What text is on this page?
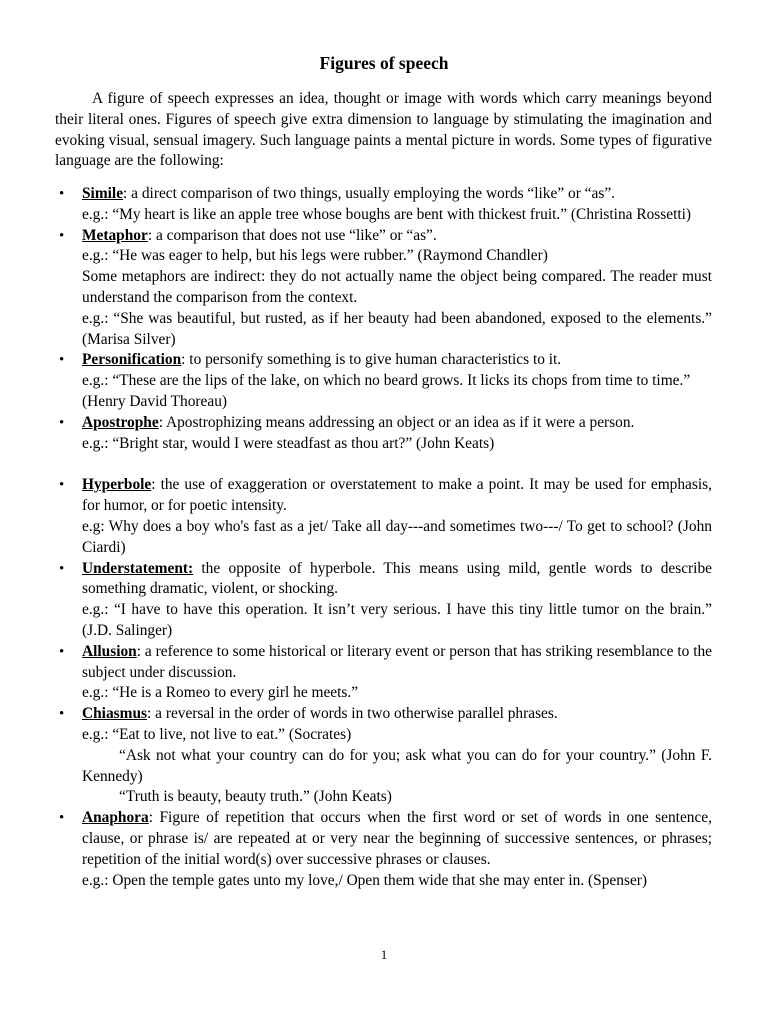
Figures of speech

A figure of speech expresses an idea, thought or image with words which carry meanings beyond their literal ones. Figures of speech give extra dimension to language by stimulating the imagination and evoking visual, sensual imagery. Such language paints a mental picture in words. Some types of figurative language are the following:

• Simile: a direct comparison of two things, usually employing the words “like” or “as”.
e.g.: “My heart is like an apple tree whose boughs are bent with thickest fruit.” (Christina Rossetti)
• Metaphor: a comparison that does not use “like” or “as”.
e.g.: “He was eager to help, but his legs were rubber.” (Raymond Chandler)
Some metaphors are indirect: they do not actually name the object being compared. The reader must understand the comparison from the context.
e.g.: “She was beautiful, but rusted, as if her beauty had been abandoned, exposed to the elements.” (Marisa Silver)
• Personification: to personify something is to give human characteristics to it.
e.g.: “These are the lips of the lake, on which no beard grows. It licks its chops from time to time.”
(Henry David Thoreau)
• Apostrophe: Apostrophizing means addressing an object or an idea as if it were a person.
e.g.: “Bright star, would I were steadfast as thou art?” (John Keats)
• Hyperbole: the use of exaggeration or overstatement to make a point. It may be used for emphasis, for humor, or for poetic intensity.
e.g: Why does a boy who's fast as a jet/ Take all day---and sometimes two---/ To get to school? (John Ciardi)
• Understatement: the opposite of hyperbole. This means using mild, gentle words to describe something dramatic, violent, or shocking.
e.g.: “I have to have this operation. It isn’t very serious. I have this tiny little tumor on the brain.” (J.D. Salinger)
• Allusion: a reference to some historical or literary event or person that has striking resemblance to the subject under discussion.
e.g.: “He is a Romeo to every girl he meets.”
• Chiasmus: a reversal in the order of words in two otherwise parallel phrases.
e.g.: “Eat to live, not live to eat.” (Socrates)
“Ask not what your country can do for you; ask what you can do for your country.” (John F. Kennedy)
“Truth is beauty, beauty truth.” (John Keats)
• Anaphora: Figure of repetition that occurs when the first word or set of words in one sentence, clause, or phrase is/ are repeated at or very near the beginning of successive sentences, or phrases; repetition of the initial word(s) over successive phrases or clauses.
e.g.: Open the temple gates unto my love,/ Open them wide that she may enter in. (Spenser)

1
